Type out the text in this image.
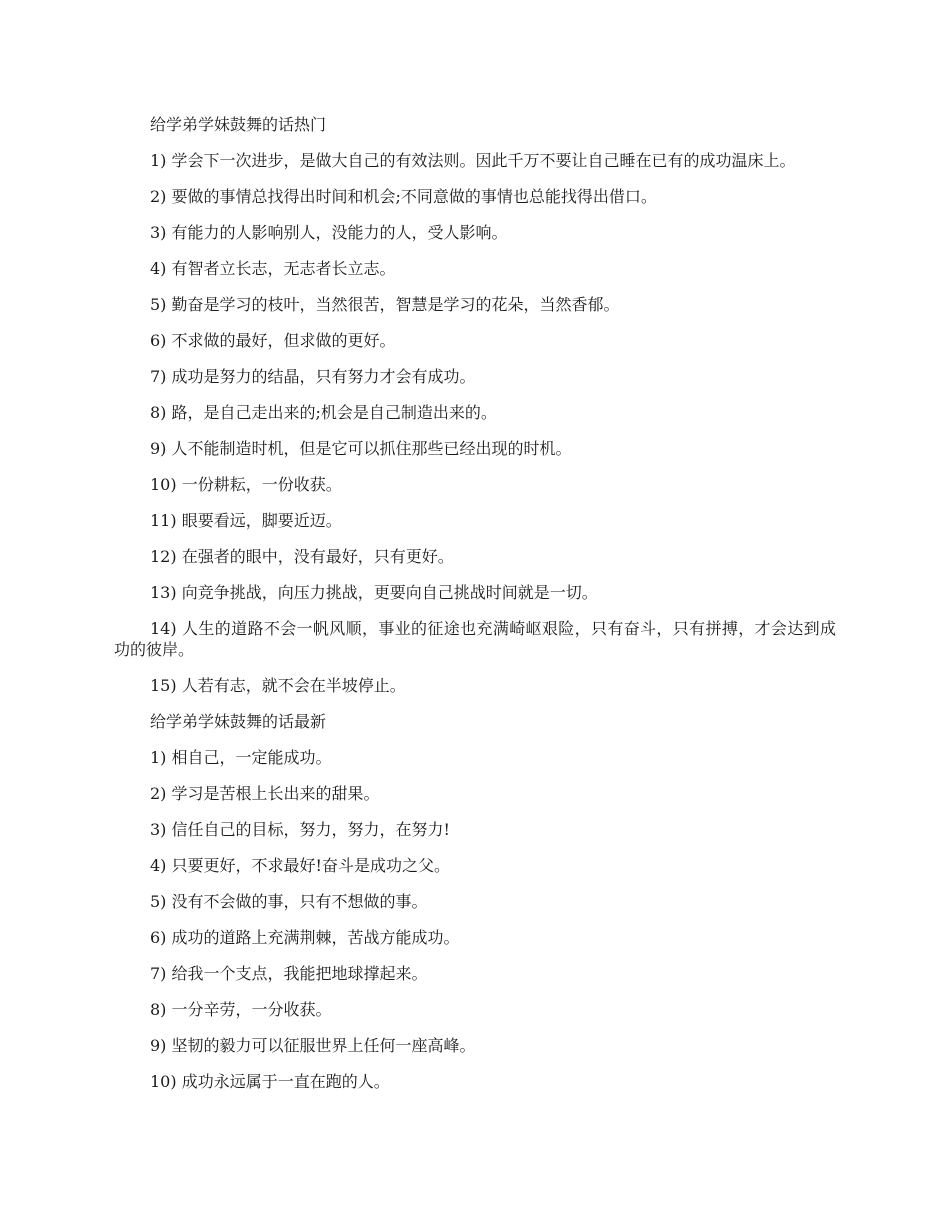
给学弟学妹鼓舞的话热门

1) 学会下一次进步，是做大自己的有效法则。因此千万不要让自己睡在已有的成功温床上。

2) 要做的事情总找得出时间和机会;不同意做的事情也总能找得出借口。

3) 有能力的人影响别人，没能力的人，受人影响。

4) 有智者立长志，无志者长立志。

5) 勤奋是学习的枝叶，当然很苦，智慧是学习的花朵，当然香郁。

6) 不求做的最好，但求做的更好。

7) 成功是努力的结晶，只有努力才会有成功。

8) 路，是自己走出来的;机会是自己制造出来的。

9) 人不能制造时机，但是它可以抓住那些已经出现的时机。

10) 一份耕耘，一份收获。

11) 眼要看远，脚要近迈。

12) 在强者的眼中，没有最好，只有更好。

13) 向竞争挑战，向压力挑战，更要向自己挑战时间就是一切。

14) 人生的道路不会一帆风顺，事业的征途也充满崎岖艰险，只有奋斗，只有拼搏，才会达到成功的彼岸。

15) 人若有志，就不会在半坡停止。

给学弟学妹鼓舞的话最新

1) 相自己，一定能成功。

2) 学习是苦根上长出来的甜果。

3) 信任自己的目标，努力，努力，在努力!

4) 只要更好，不求最好!奋斗是成功之父。

5) 没有不会做的事，只有不想做的事。

6) 成功的道路上充满荆棘，苦战方能成功。

7) 给我一个支点，我能把地球撑起来。

8) 一分辛劳，一分收获。

9) 坚韧的毅力可以征服世界上任何一座高峰。

10) 成功永远属于一直在跑的人。
